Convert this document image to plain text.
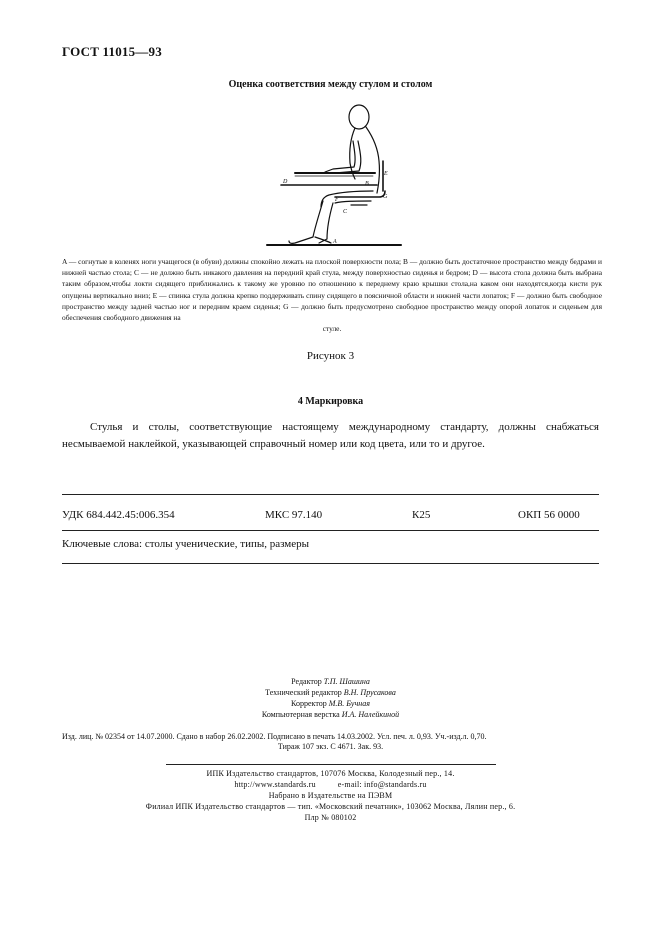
ГОСТ 11015—93
Оценка соответствия между стулом и столом
D
E
G
F
C
B
A
A — согнутые в коленях ноги учащегося (в обуви) должны спокойно лежать на плоской поверхности пола; B — должно быть достаточное пространство между бедрами и нижней частью стола; C — не должно быть никакого давления на передний край стула, между поверхностью сиденья и бедром; D — высота стола должна быть выбрана таким образом,чтобы локти сидящего приближались к такому же уровню по отношению к переднему краю крышки стола,на каком они находятся,когда кисти рук опущены вертикально вниз; E — спинка стула должна крепко поддерживать спину сидящего в поясничной области и нижней части лопаток; F — должно быть свободное пространство между задней частью ног и передним краем сиденья; G — должно быть предусмотрено свободное пространство между опорой лопаток и сиденьем для обеспечения свободного движения на
стуле.
Рисунок 3
4 Маркировка
Стулья и столы, соответствующие настоящему международному стандарту, должны снабжаться несмываемой наклейкой, указывающей справочный номер или код цвета, или то и другое.
УДК 684.442.45:006.354	МКС 97.140	К25	ОКП 56 0000
Ключевые слова: столы ученические, типы, размеры
Редактор Т.П. Шашина
Технический редактор В.Н. Прусакова
Корректор М.В. Бучная
Компьютерная верстка И.А. Налейкиной
Изд. лиц. № 02354 от 14.07.2000. Сдано в набор 26.02.2002. Подписано в печать 14.03.2002. Усл. печ. л. 0,93. Уч.-изд.л. 0,70.
Тираж 107 экз. С 4671. Зак. 93.
ИПК Издательство стандартов, 107076 Москва, Колодезный пер., 14.
http://www.standards.ru          e-mail: info@standards.ru
Набрано в Издательстве на ПЭВМ
Филиал ИПК Издательство стандартов — тип. «Московский печатник», 103062 Москва, Лялин пер., 6.
Плр № 080102
